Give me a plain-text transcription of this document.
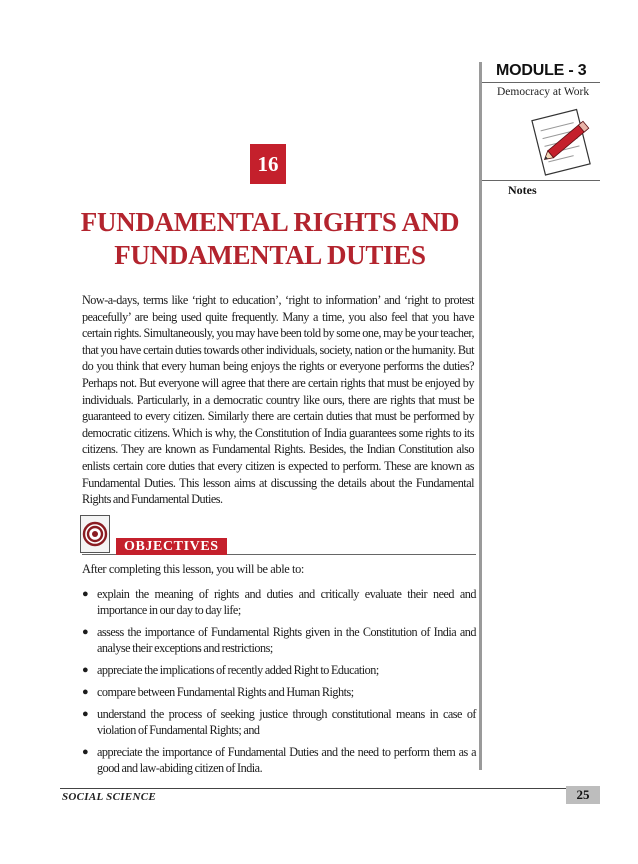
MODULE - 3
Democracy at Work
Notes
16
FUNDAMENTAL RIGHTS AND
FUNDAMENTAL DUTIES
Now-a-days, terms like ‘right to education’, ‘right to information’ and ‘right to protest peacefully’ are being used quite frequently. Many a time, you also feel that you have certain rights. Simultaneously, you may have been told by some one, may be your teacher, that you have certain duties towards other individuals, society, nation or the humanity. But do you think that every human being enjoys the rights or everyone performs the duties? Perhaps not. But everyone will agree that there are certain rights that must be enjoyed by individuals. Particularly, in a democratic country like ours, there are rights that must be guaranteed to every citizen. Similarly there are certain duties that must be performed by democratic citizens. Which is why, the Constitution of India guarantees some rights to its citizens. They are known as Fundamental Rights. Besides, the Indian Constitution also enlists certain core duties that every citizen is expected to perform. These are known as Fundamental Duties. This lesson aims at discussing the details about the Fundamental Rights and Fundamental Duties.
OBJECTIVES
After completing this lesson, you will be able to:
● explain the meaning of rights and duties and critically evaluate their need and importance in our day to day life;
● assess the importance of Fundamental Rights given in the Constitution of India and analyse their exceptions and restrictions;
● appreciate the implications of recently added Right to Education;
● compare between Fundamental Rights and Human Rights;
● understand the process of seeking justice through constitutional means in case of violation of Fundamental Rights; and
● appreciate the importance of Fundamental Duties and the need to perform them as a good and law-abiding citizen of India.
SOCIAL SCIENCE	25
